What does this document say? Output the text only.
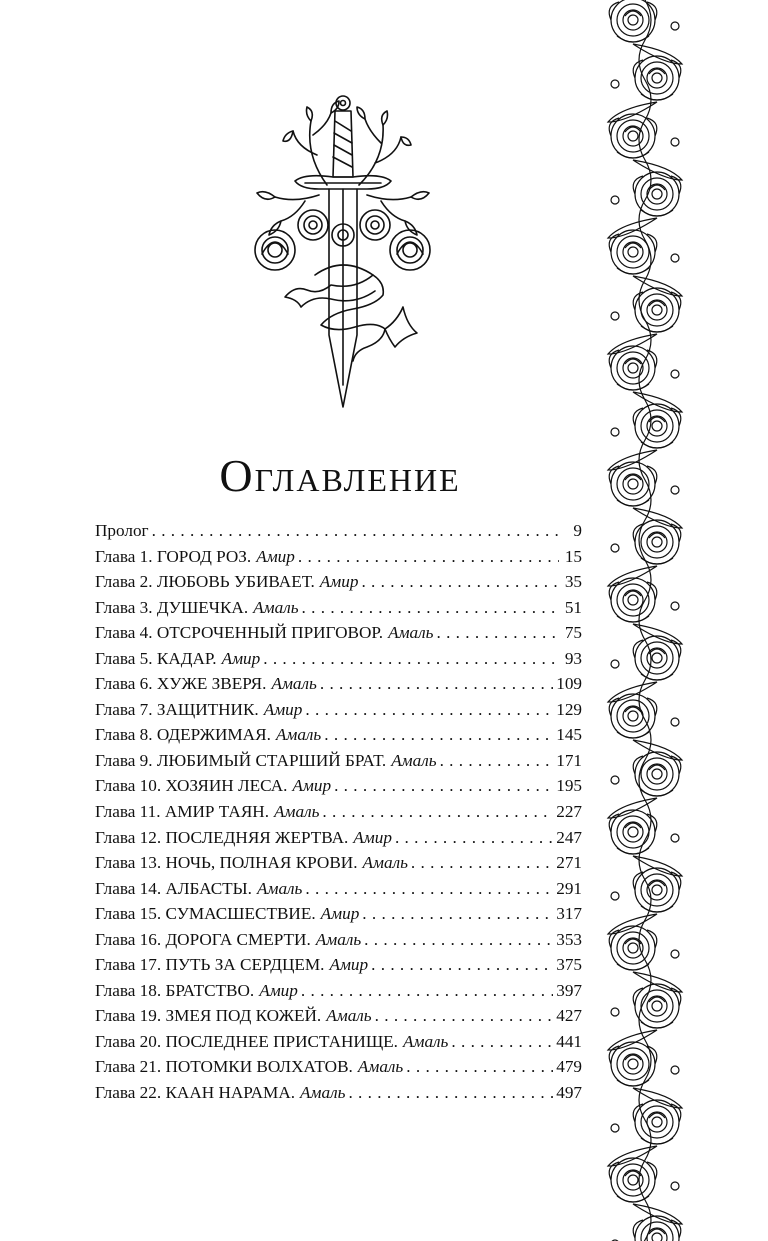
Оглавление
Пролог . . .	9
Глава 1. ГОРОД РОЗ. Амир . . .	15
Глава 2. ЛЮБОВЬ УБИВАЕТ. Амир . . .	35
Глава 3. ДУШЕЧКА. Амаль . . .	51
Глава 4. ОТСРОЧЕННЫЙ ПРИГОВОР. Амаль . . .	75
Глава 5. КАДАР. Амир . . .	93
Глава 6. ХУЖЕ ЗВЕРЯ. Амаль . . .	109
Глава 7. ЗАЩИТНИК. Амир . . .	129
Глава 8. ОДЕРЖИМАЯ. Амаль . . .	145
Глава 9. ЛЮБИМЫЙ СТАРШИЙ БРАТ. Амаль . . .	171
Глава 10. ХОЗЯИН ЛЕСА. Амир . . .	195
Глава 11. АМИР ТАЯН. Амаль . . .	227
Глава 12. ПОСЛЕДНЯЯ ЖЕРТВА. Амир . . .	247
Глава 13. НОЧЬ, ПОЛНАЯ КРОВИ. Амаль . . .	271
Глава 14. АЛБАСТЫ. Амаль . . .	291
Глава 15. СУМАСШЕСТВИЕ. Амир . . .	317
Глава 16. ДОРОГА СМЕРТИ. Амаль . . .	353
Глава 17. ПУТЬ ЗА СЕРДЦЕМ. Амир . . .	375
Глава 18. БРАТСТВО. Амир . . .	397
Глава 19. ЗМЕЯ ПОД КОЖЕЙ. Амаль . . .	427
Глава 20. ПОСЛЕДНЕЕ ПРИСТАНИЩЕ. Амаль . . .	441
Глава 21. ПОТОМКИ ВОЛХАТОВ. Амаль . . .	479
Глава 22. КААН НАРАМА. Амаль . . .	497
